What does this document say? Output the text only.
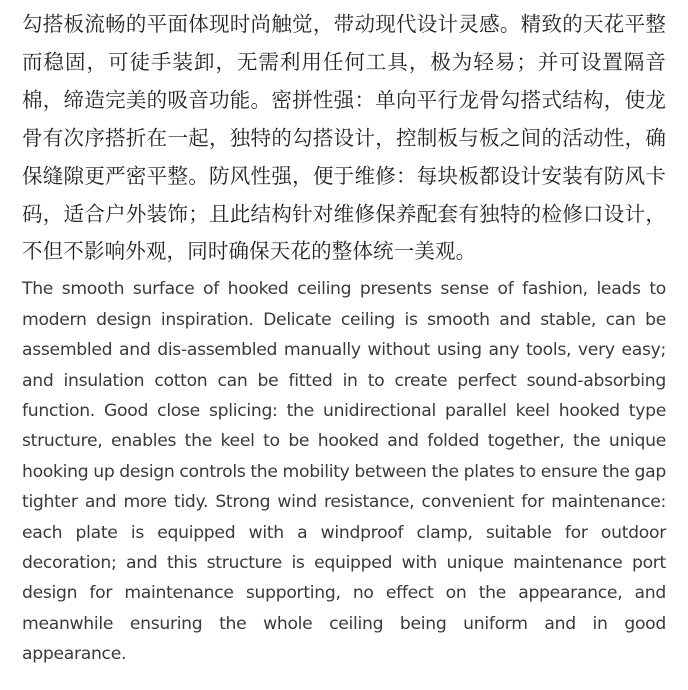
勾搭板流畅的平面体现时尚触觉，带动现代设计灵感。精致的天花平整而稳固，可徒手装卸，无需利用任何工具，极为轻易；并可设置隔音棉，缔造完美的吸音功能。密拼性强：单向平行龙骨勾搭式结构，使龙骨有次序搭折在一起，独特的勾搭设计，控制板与板之间的活动性，确保缝隙更严密平整。防风性强，便于维修：每块板都设计安装有防风卡码，适合户外装饰；且此结构针对维修保养配套有独特的检修口设计，不但不影响外观，同时确保天花的整体统一美观。

The smooth surface of hooked ceiling presents sense of fashion, leads to modern design inspiration. Delicate ceiling is smooth and stable, can be assembled and dis-assembled manually without using any tools, very easy; and insulation cotton can be fitted in to create perfect sound-absorbing function. Good close splicing: the unidirectional parallel keel hooked type structure, enables the keel to be hooked and folded together, the unique hooking up design controls the mobility between the plates to ensure the gap tighter and more tidy. Strong wind resistance, convenient for maintenance: each plate is equipped with a windproof clamp, suitable for outdoor decoration; and this structure is equipped with unique maintenance port design for maintenance supporting, no effect on the appearance, and meanwhile ensuring the whole ceiling being uniform and in good appearance.
